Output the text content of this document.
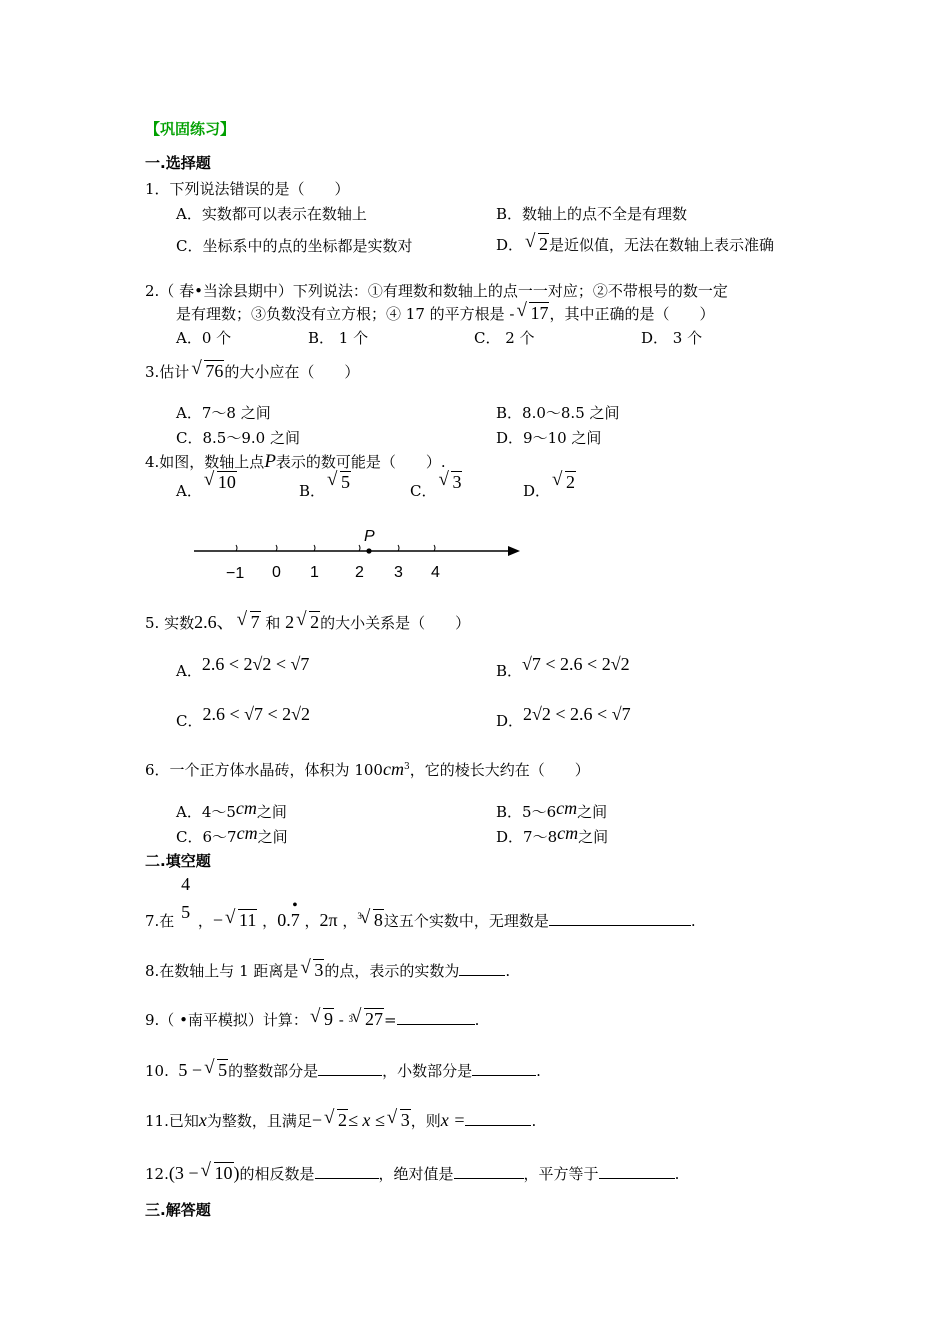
【巩固练习】
一.选择题
1．下列说法错误的是（　　）
A．实数都可以表示在数轴上	B．数轴上的点不全是有理数
C．坐标系中的点的坐标都是实数对	D． √ 2是近似值，无法在数轴上表示准确
2.（ 春•当涂县期中）下列说法：①有理数和数轴上的点一一对应；②不带根号的数一定
是有理数；③负数没有立方根；④ 17 的平方根是 - √ 17，其中正确的是（　　）
A．0 个	B． 1 个	C． 2 个	D． 3 个
3.估计 √ 76的大小应在（　　）
A．7～8 之间	B．8.0～8.5 之间
C．8.5～9.0 之间	D．9～10 之间
4.如图，数轴上点P表示的数可能是（　　）.
A． √ 10	B． √ 5	C． √ 3	D． √ 2
P
−1 0 1 2 3 4
5. 实数2.6、 √ 7 和 2 √ 2的大小关系是（　　）
A．2.6 < 2√2 < √7	B．√7 < 2.6 < 2√2
C．2.6 < √7 < 2√2	D．2√2 < 2.6 < √7
6．一个正方体水晶砖，体积为 $100cm^3$，它的棱长大约在（　　）
A．4～5cm之间	B．5～6cm之间
C．6～7cm之间	D．7～8cm之间
二.填空题
7.在
4
5 ，− √ 11 ，0.7
•
，2π ，$^3$ √ 8这五个实数中，无理数是	.
8.在数轴上与 1 距离是 √ 3的点，表示的实数为	.
9.（ •南平模拟）计算： √ 9 - $^3$ √ 27=	.
10. 5 − √ 5的整数部分是	，小数部分是	.
11.已知x为整数，且满足− √ 2≤ x ≤ √ 3，则x =	.
12.(3 − √ 10)的相反数是	，绝对值是	，平方等于	.
三.解答题
